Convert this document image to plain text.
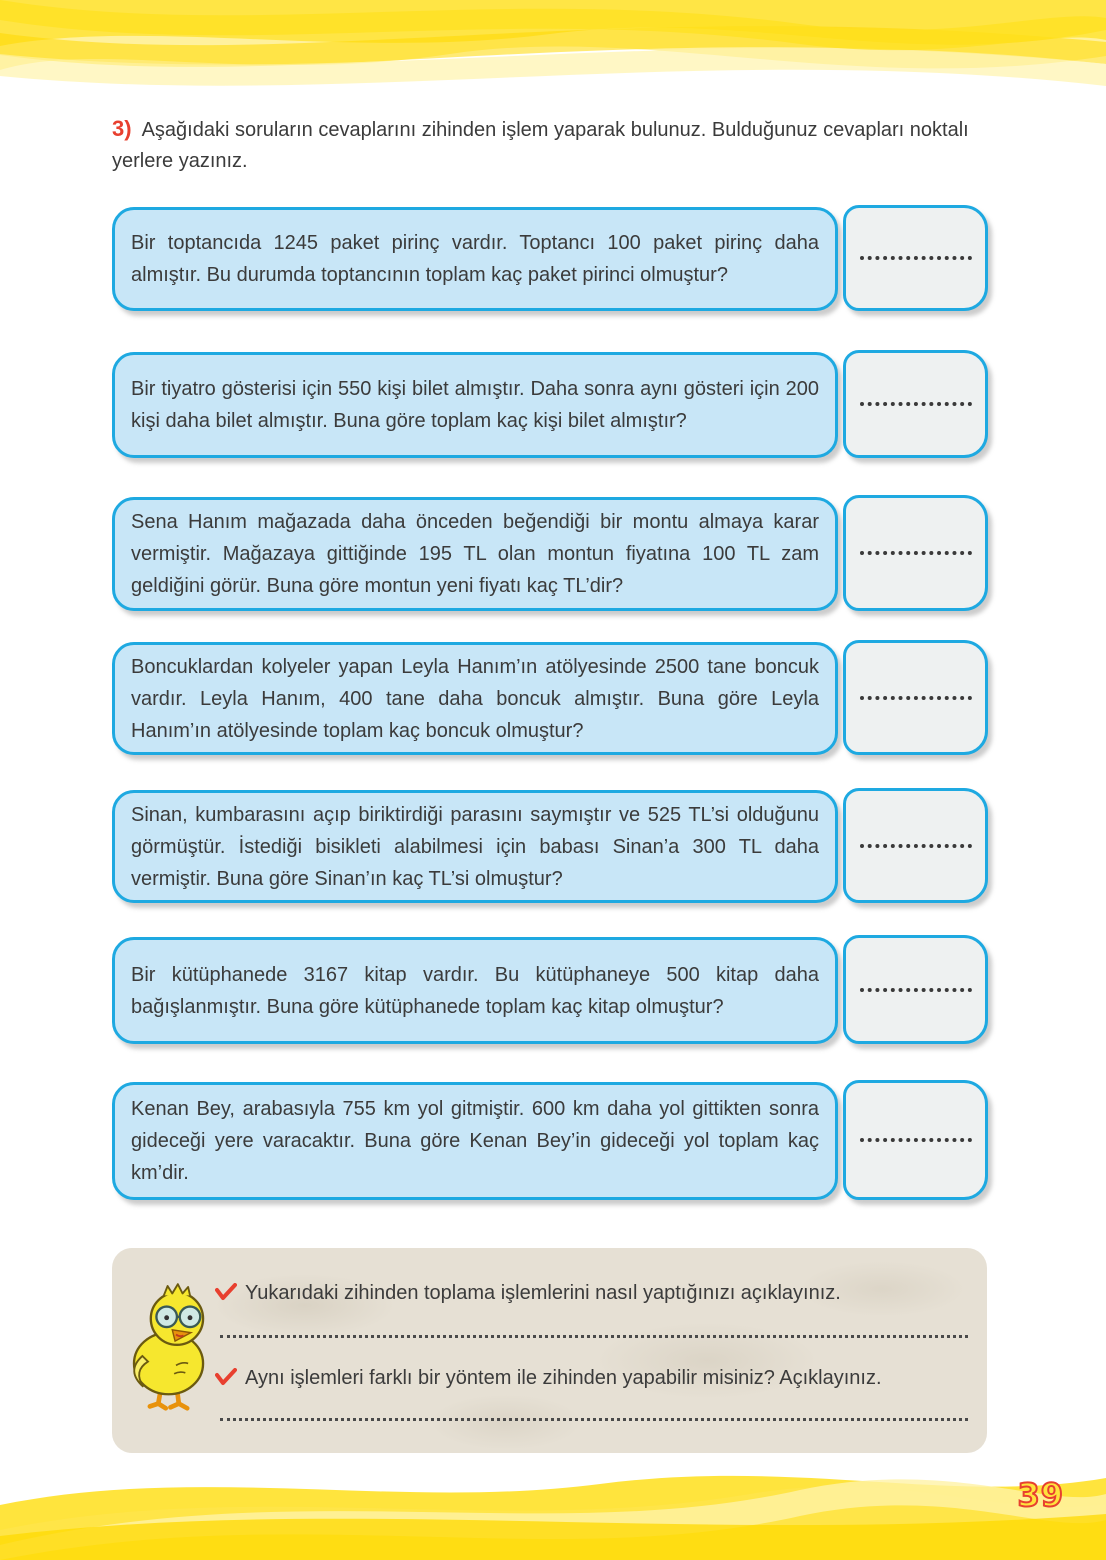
3) Aşağıdaki soruların cevaplarını zihinden işlem yaparak bulunuz. Bulduğunuz cevapları noktalı yerlere yazınız.
Bir toptancıda 1245 paket pirinç vardır. Toptancı 100 paket pirinç daha almıştır. Bu durumda toptancının toplam kaç paket pirinci olmuştur?
Bir tiyatro gösterisi için 550 kişi bilet almıştır. Daha sonra aynı gösteri için 200 kişi daha bilet almıştır. Buna göre toplam kaç kişi bilet almıştır?
Sena Hanım mağazada daha önceden beğendiği bir montu almaya karar vermiştir. Mağazaya gittiğinde 195 TL olan montun fiyatına 100 TL zam geldiğini görür. Buna göre montun yeni fiyatı kaç TL’dir?
Boncuklardan kolyeler yapan Leyla Hanım’ın atölyesinde 2500 tane boncuk vardır. Leyla Hanım, 400 tane daha boncuk almıştır. Buna göre Leyla Hanım’ın atölyesinde toplam kaç boncuk olmuştur?
Sinan, kumbarasını açıp biriktirdiği parasını saymıştır ve 525 TL’si olduğunu görmüştür. İstediği bisikleti alabilmesi için babası Sinan’a 300 TL daha vermiştir. Buna göre Sinan’ın kaç TL’si olmuştur?
Bir kütüphanede 3167 kitap vardır. Bu kütüphaneye 500 kitap daha bağışlanmıştır. Buna göre kütüphanede toplam kaç kitap olmuştur?
Kenan Bey, arabasıyla 755 km yol gitmiştir. 600 km daha yol gittikten sonra gideceği yere varacaktır. Buna göre Kenan Bey’in gideceği yol toplam kaç km’dir.
Yukarıdaki zihinden toplama işlemlerini nasıl yaptığınızı açıklayınız.
Aynı işlemleri farklı bir yöntem ile zihinden yapabilir misiniz? Açıklayınız.
39
